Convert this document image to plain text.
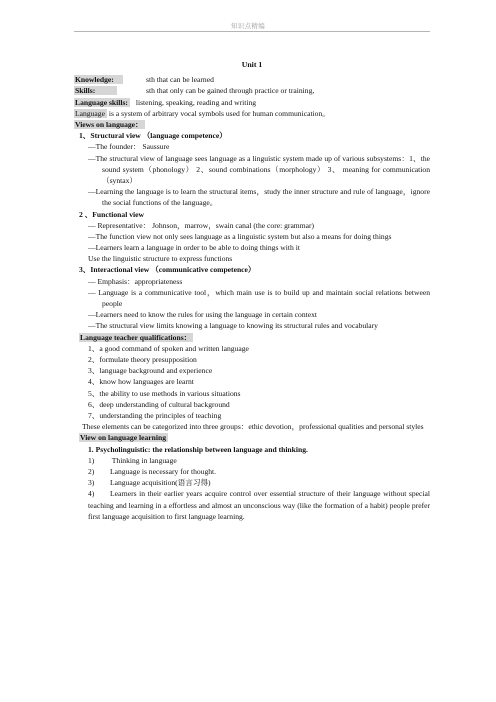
知识点精编
Unit 1
Knowledge:	sth that can be learned
Skills:	sth that only can be gained through practice or training,
Language skills: listening, speaking, reading and writing
Language is a system of arbitrary vocal symbols used for human communication。
Views on language：
1、Structural view （language competence）
—The founder： Saussure
—The structural view of language sees language as a linguistic system made up of various subsystems：1、the sound system（phonology） 2、sound combinations（morphology） 3、 meaning for communication（syntax）
—Learning the language is to learn the structural items，study the inner structure and rule of language，ignore the social functions of the language。
2 、Functional view
— Representative： Johnson，marrow，swain canal (the core: grammar)
—The function view not only sees language as a linguistic system but also a means for doing things
—Learners learn a language in order to be able to doing things with it
Use the linguistic structure to express functions
3、Interactional view （communicative competence）
— Emphasis：appropriateness
— Language is a communicative tool，which main use is to build up and maintain social relations between people
—Learners need to know the rules for using the language in certain context
—The structural view limits knowing a language to knowing its structural rules and vocabulary
Language teacher qualifications：
1、a good command of spoken and written language
2、formulate theory presupposition
3、language background and experience
4、know how languages are learnt
5、the ability to use methods in various situations
6、deep understanding of cultural background
7、understanding the principles of teaching
These elements can be categorized into three groups：ethic devotion，professional qualities and personal styles
View on language learning
1. Psycholinguistic: the relationship between language and thinking.
1) Thinking in language
2) Language is necessary for thought.
3) Language acquisition(语言习得)
4) Learners in their earlier years acquire control over essential structure of their language without special teaching and learning in a effortless and almost an unconscious way (like the formation of a habit) people prefer first language acquisition to first language learning.
